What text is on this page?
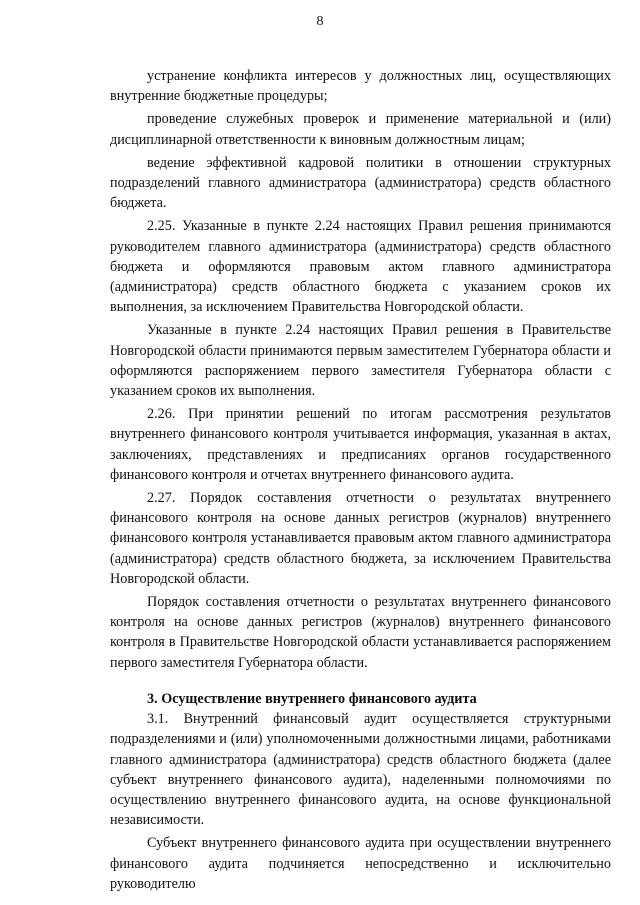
8

устранение конфликта интересов у должностных лиц, осуществляющих внутренние бюджетные процедуры;

проведение служебных проверок и применение материальной и (или) дисциплинарной ответственности к виновным должностным лицам;

ведение эффективной кадровой политики в отношении структурных подразделений главного администратора (администратора) средств областного бюджета.

2.25. Указанные в пункте 2.24 настоящих Правил решения принимаются руководителем главного администратора (администратора) средств областного бюджета и оформляются правовым актом главного администратора (администратора) средств областного бюджета с указанием сроков их выполнения, за исключением Правительства Новгородской области.

Указанные в пункте 2.24 настоящих Правил решения в Правительстве Новгородской области принимаются первым заместителем Губернатора области и оформляются распоряжением первого заместителя Губернатора области с указанием сроков их выполнения.

2.26. При принятии решений по итогам рассмотрения результатов внутреннего финансового контроля учитывается информация, указанная в актах, заключениях, представлениях и предписаниях органов государственного финансового контроля и отчетах внутреннего финансового аудита.

2.27. Порядок составления отчетности о результатах внутреннего финансового контроля на основе данных регистров (журналов) внутреннего финансового контроля устанавливается правовым актом главного администратора (администратора) средств областного бюджета, за исключением Правительства Новгородской области.

Порядок составления отчетности о результатах внутреннего финансового контроля на основе данных регистров (журналов) внутреннего финансового контроля в Правительстве Новгородской области устанавливается распоряжением первого заместителя Губернатора области.

3. Осуществление внутреннего финансового аудита

3.1. Внутренний финансовый аудит осуществляется структурными подразделениями и (или) уполномоченными должностными лицами, работниками главного администратора (администратора) средств областного бюджета (далее субъект внутреннего финансового аудита), наделенными полномочиями по осуществлению внутреннего финансового аудита, на основе функциональной независимости.

Субъект внутреннего финансового аудита при осуществлении внутреннего финансового аудита подчиняется непосредственно и исключительно руководителю
